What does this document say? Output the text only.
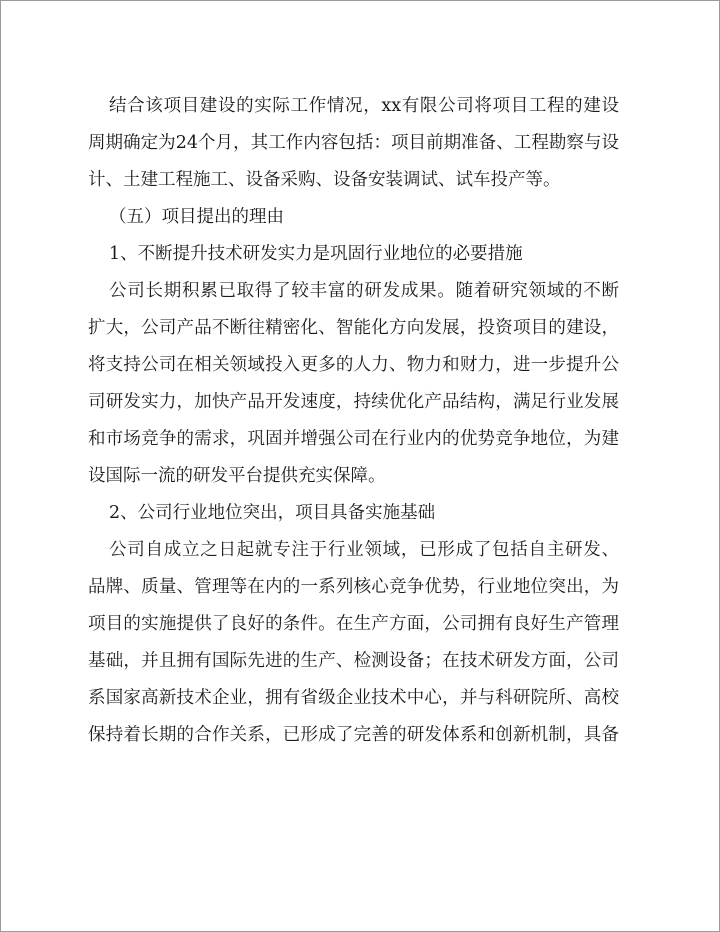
结合该项目建设的实际工作情况，xx有限公司将项目工程的建设
周期确定为24个月，其工作内容包括：项目前期准备、工程勘察与设
计、土建工程施工、设备采购、设备安装调试、试车投产等。
（五）项目提出的理由
1、不断提升技术研发实力是巩固行业地位的必要措施
公司长期积累已取得了较丰富的研发成果。随着研究领域的不断
扩大，公司产品不断往精密化、智能化方向发展，投资项目的建设，
将支持公司在相关领域投入更多的人力、物力和财力，进一步提升公
司研发实力，加快产品开发速度，持续优化产品结构，满足行业发展
和市场竞争的需求，巩固并增强公司在行业内的优势竞争地位，为建
设国际一流的研发平台提供充实保障。
2、公司行业地位突出，项目具备实施基础
公司自成立之日起就专注于行业领域，已形成了包括自主研发、
品牌、质量、管理等在内的一系列核心竞争优势，行业地位突出，为
项目的实施提供了良好的条件。在生产方面，公司拥有良好生产管理
基础，并且拥有国际先进的生产、检测设备；在技术研发方面，公司
系国家高新技术企业，拥有省级企业技术中心，并与科研院所、高校
保持着长期的合作关系，已形成了完善的研发体系和创新机制，具备
